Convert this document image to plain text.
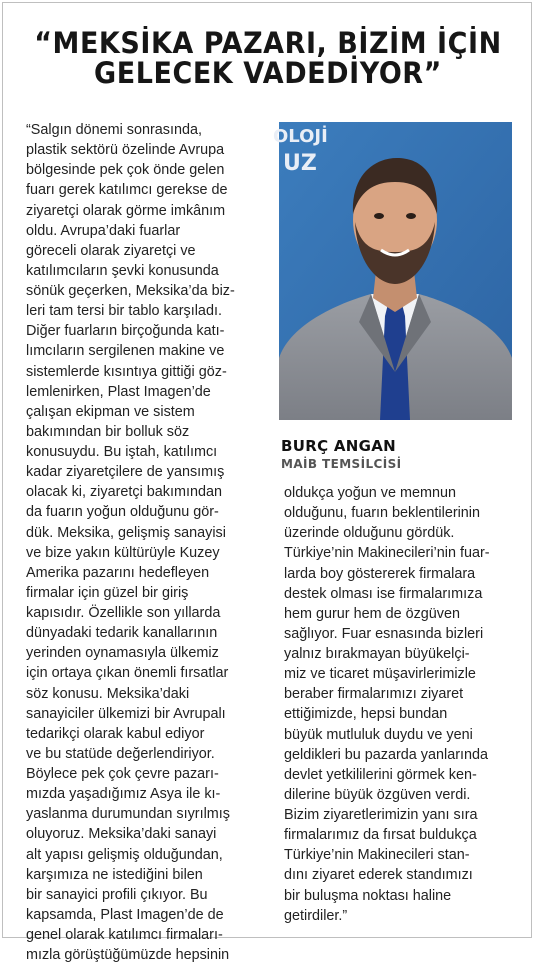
“MEKSİKA PAZARI, BİZİM İÇİN
GELECEK VADEDİYOR”
“Salgın dönemi sonrasında,
plastik sektörü özelinde Avrupa
bölgesinde pek çok önde gelen
fuarı gerek katılımcı gerekse de
ziyaretçi olarak görme imkânım
oldu. Avrupa’daki fuarlar
göreceli olarak ziyaretçi ve
katılımcıların şevki konusunda
sönük geçerken, Meksika’da biz-
leri tam tersi bir tablo karşıladı.
Diğer fuarların birçoğunda katı-
lımcıların sergilenen makine ve
sistemlerde kısıntıya gittiği göz-
lemlenirken, Plast Imagen’de
çalışan ekipman ve sistem
bakımından bir bolluk söz
konusuydu. Bu iştah, katılımcı
kadar ziyaretçilere de yansımış
olacak ki, ziyaretçi bakımından
da fuarın yoğun olduğunu gör-
dük. Meksika, gelişmiş sanayisi
ve bize yakın kültürüyle Kuzey
Amerika pazarını hedefleyen
firmalar için güzel bir giriş
kapısıdır. Özellikle son yıllarda
dünyadaki tedarik kanallarının
yerinden oynamasıyla ülkemiz
için ortaya çıkan önemli fırsatlar
söz konusu. Meksika’daki
sanayiciler ülkemizi bir Avrupalı
tedarikçi olarak kabul ediyor
ve bu statüde değerlendiriyor.
Böylece pek çok çevre pazarı-
mızda yaşadığımız Asya ile kı-
yaslanma durumundan sıyrılmış
oluyoruz. Meksika’daki sanayi
alt yapısı gelişmiş olduğundan,
karşımıza ne istediğini bilen
bir sanayici profili çıkıyor. Bu
kapsamda, Plast Imagen’de de
genel olarak katılımcı firmaları-
mızla görüştüğümüzde hepsinin
OLOJİ
UZ
BURÇ ANGAN
MAİB TEMSİLCİSİ
oldukça yoğun ve memnun
olduğunu, fuarın beklentilerinin
üzerinde olduğunu gördük.
Türkiye’nin Makinecileri’nin fuar-
larda boy göstererek firmalara
destek olması ise firmalarımıza
hem gurur hem de özgüven
sağlıyor. Fuar esnasında bizleri
yalnız bırakmayan büyükelçi-
miz ve ticaret müşavirlerimizle
beraber firmalarımızı ziyaret
ettiğimizde, hepsi bundan
büyük mutluluk duydu ve yeni
geldikleri bu pazarda yanlarında
devlet yetkililerini görmek ken-
dilerine büyük özgüven verdi.
Bizim ziyaretlerimizin yanı sıra
firmalarımız da fırsat buldukça
Türkiye’nin Makinecileri stan-
dını ziyaret ederek standımızı
bir buluşma noktası haline
getirdiler.”
